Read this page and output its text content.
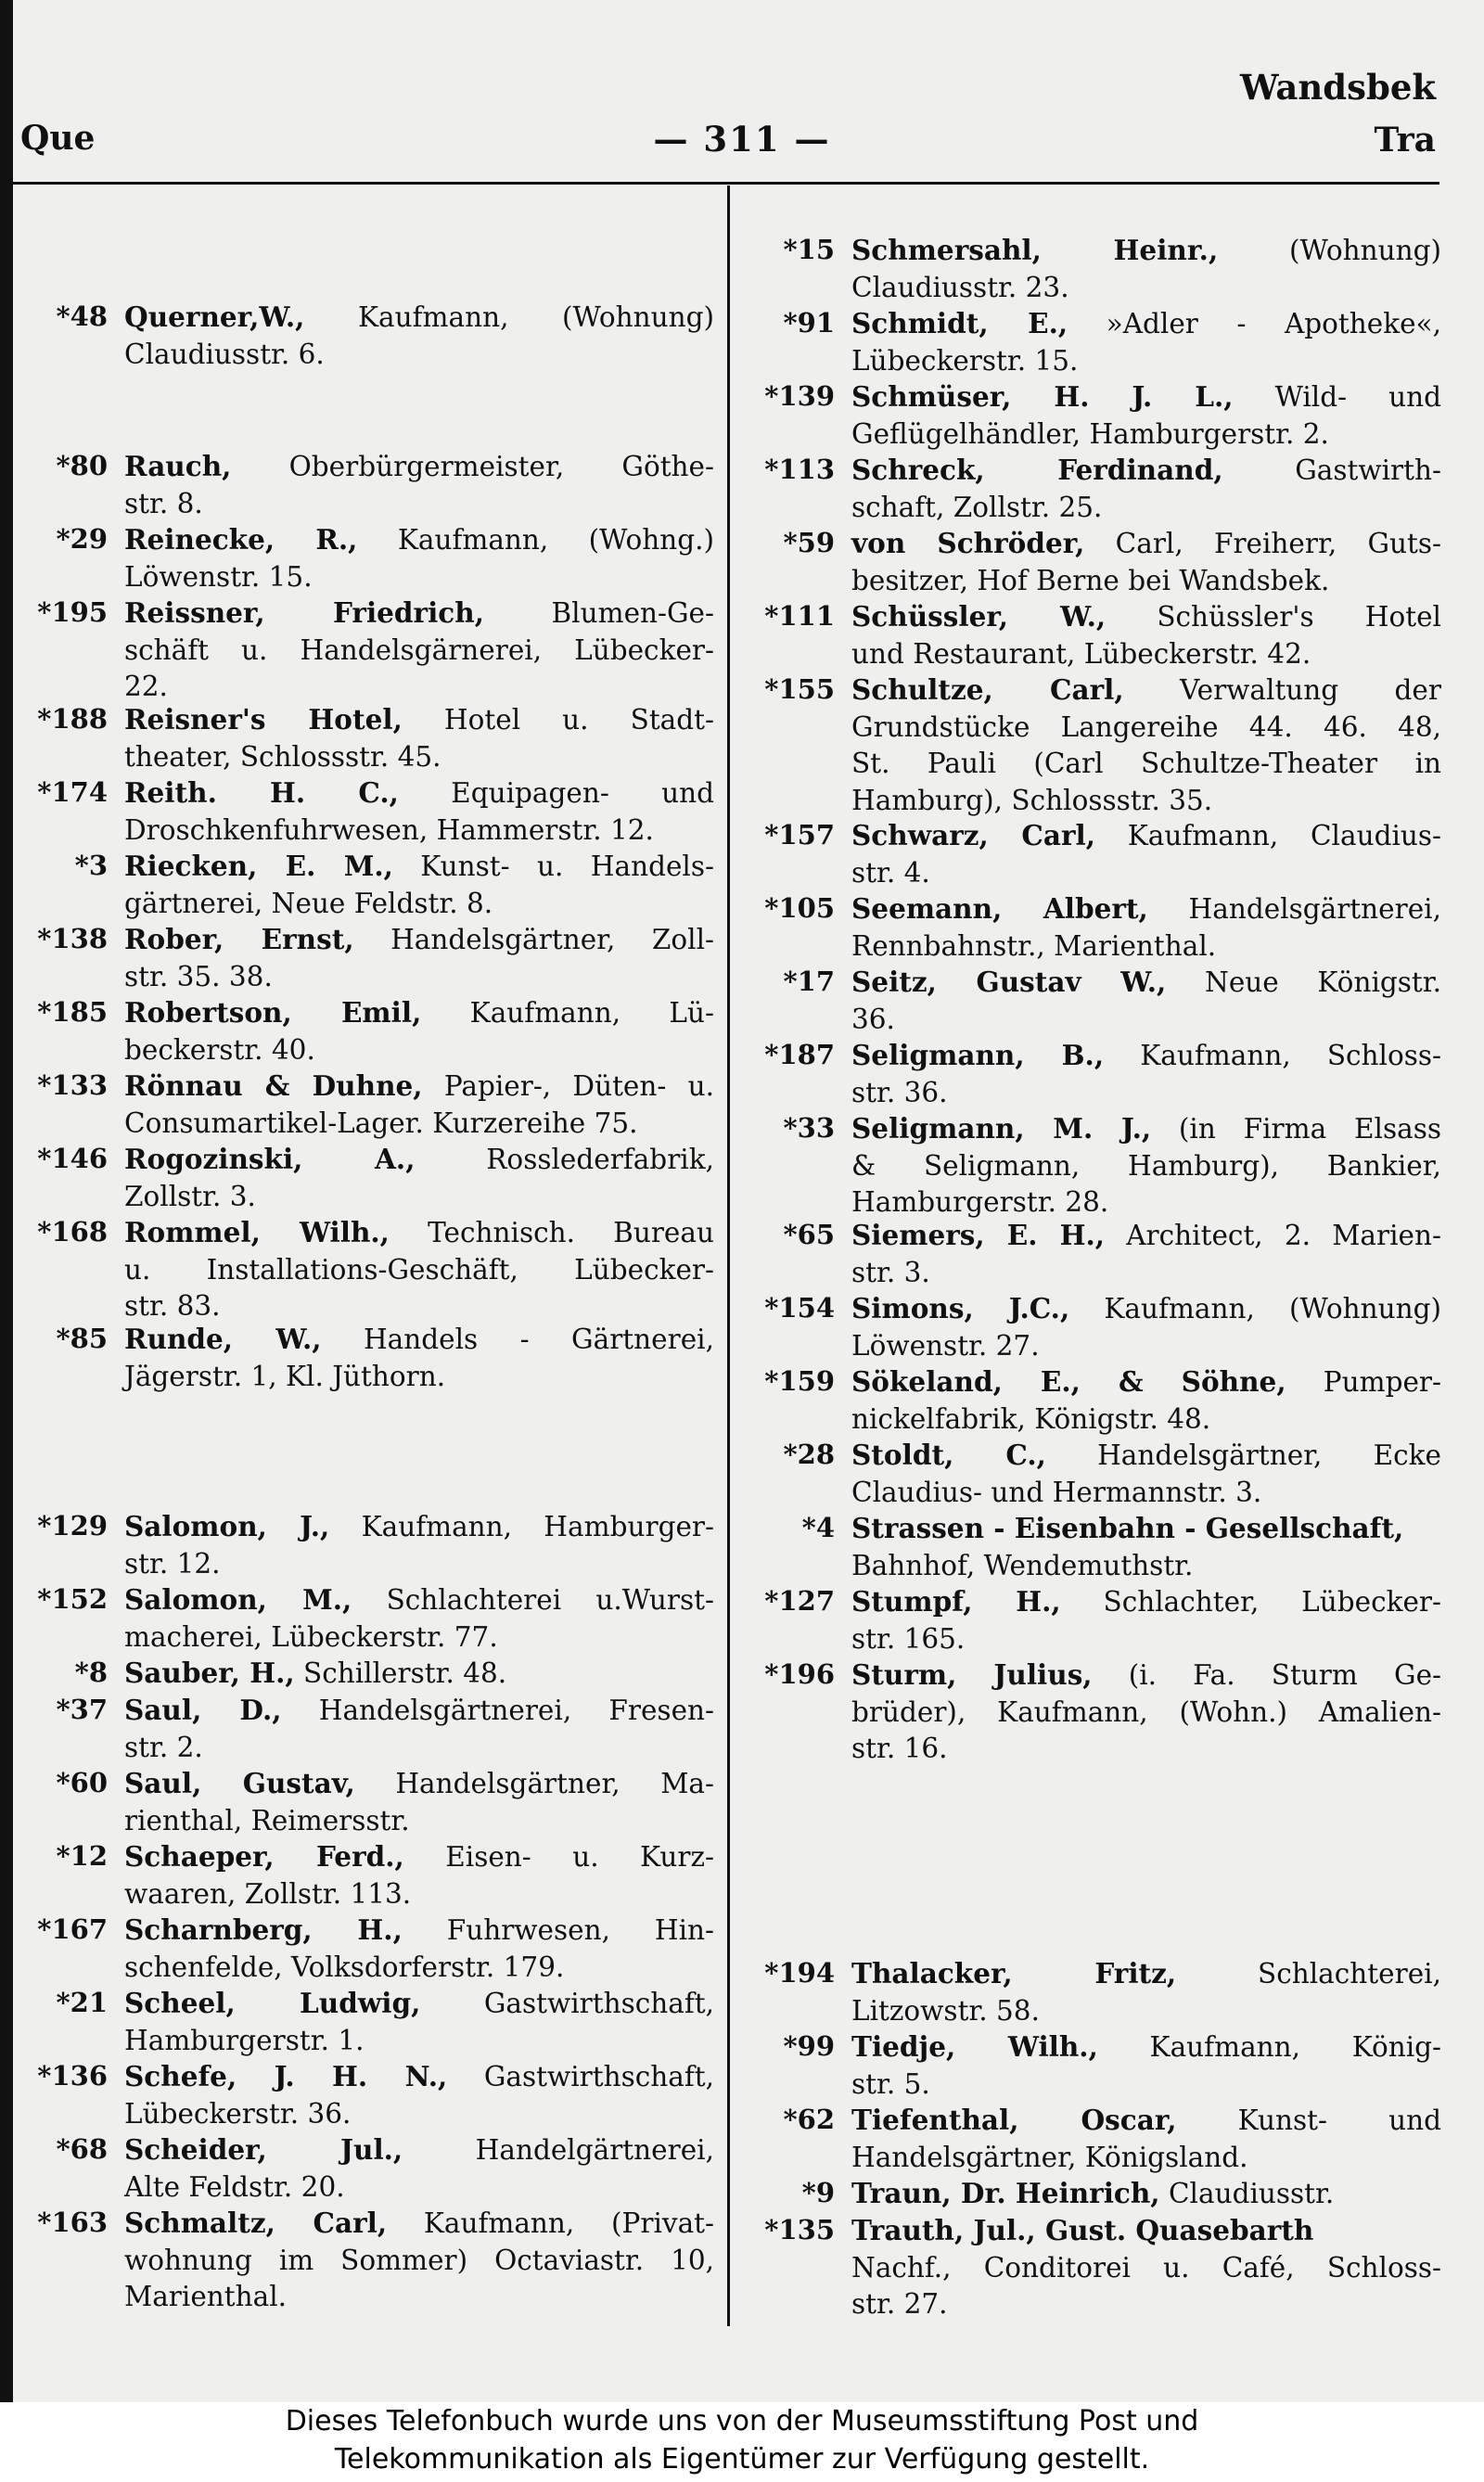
Wandsbek
Que	— 311 —	Tra
*48 Querner,W., Kaufmann, (Wohnung)
Claudiusstr. 6.
*80 Rauch, Oberbürgermeister, Göthe-
str. 8.
*29 Reinecke, R., Kaufmann, (Wohng.)
Löwenstr. 15.
*195 Reissner, Friedrich, Blumen-Ge-
schäft u. Handelsgärnerei, Lübecker-
22.
*188 Reisner's Hotel, Hotel u. Stadt-
theater, Schlossstr. 45.
*174 Reith. H. C., Equipagen- und
Droschkenfuhrwesen, Hammerstr. 12.
*3 Riecken, E. M., Kunst- u. Handels-
gärtnerei, Neue Feldstr. 8.
*138 Rober, Ernst, Handelsgärtner, Zoll-
str. 35. 38.
*185 Robertson, Emil, Kaufmann, Lü-
beckerstr. 40.
*133 Rönnau & Duhne, Papier-, Düten- u.
Consumartikel-Lager. Kurzereihe 75.
*146 Rogozinski, A.,	Rosslederfabrik,
Zollstr. 3.
*168 Rommel, Wilh., Technisch. Bureau
u. Installations-Geschäft, Lübecker-
str. 83.
*85 Runde, W., Handels - Gärtnerei,
Jägerstr. 1, Kl. Jüthorn.
*129 Salomon, J., Kaufmann, Hamburger-
str. 12.
*152 Salomon, M., Schlachterei u.Wurst-
macherei, Lübeckerstr. 77.
*8 Sauber, H., Schillerstr. 48.
*37 Saul, D., Handelsgärtnerei, Fresen-
str. 2.
*60 Saul, Gustav, Handelsgärtner, Ma-
rienthal, Reimersstr.
*12 Schaeper, Ferd., Eisen- u. Kurz-
waaren, Zollstr. 113.
*167 Scharnberg, H., Fuhrwesen, Hin-
schenfelde, Volksdorferstr. 179.
*21 Scheel, Ludwig, Gastwirthschaft,
Hamburgerstr. 1.
*136 Schefe, J. H. N., Gastwirthschaft,
Lübeckerstr. 36.
*68 Scheider, Jul.,	Handelgärtnerei,
Alte Feldstr. 20.
*163 Schmaltz, Carl, Kaufmann, (Privat-
wohnung im Sommer) Octaviastr. 10,
Marienthal.
*15 Schmersahl, Heinr.,	(Wohnung)
Claudiusstr. 23.
*91 Schmidt, E., »Adler - Apotheke«,
Lübeckerstr. 15.
*139 Schmüser, H. J. L., Wild- und
Geflügelhändler, Hamburgerstr. 2.
*113 Schreck, Ferdinand,	Gastwirth-
schaft, Zollstr. 25.
*59 von Schröder, Carl, Freiherr, Guts-
besitzer, Hof Berne bei Wandsbek.
*111 Schüssler, W., Schüssler's Hotel
und Restaurant, Lübeckerstr. 42.
*155 Schultze, Carl, Verwaltung der
Grundstücke Langereihe 44. 46. 48,
St. Pauli (Carl Schultze-Theater in
Hamburg), Schlossstr. 35.
*157 Schwarz, Carl, Kaufmann, Claudius-
str. 4.
*105 Seemann, Albert, Handelsgärtnerei,
Rennbahnstr., Marienthal.
*17 Seitz, Gustav W., Neue Königstr.
36.
*187 Seligmann, B., Kaufmann, Schloss-
str. 36.
*33 Seligmann, M. J., (in Firma Elsass
& Seligmann, Hamburg), Bankier,
Hamburgerstr. 28.
*65 Siemers, E. H., Architect, 2. Marien-
str. 3.
*154 Simons, J.C., Kaufmann, (Wohnung)
Löwenstr. 27.
*159 Sökeland, E., & Söhne, Pumper-
nickelfabrik, Königstr. 48.
*28 Stoldt, C., Handelsgärtner, Ecke
Claudius- und Hermannstr. 3.
*4 Strassen - Eisenbahn - Gesellschaft,
Bahnhof, Wendemuthstr.
*127 Stumpf, H., Schlachter, Lübecker-
str. 165.
*196 Sturm, Julius, (i. Fa. Sturm Ge-
brüder), Kaufmann, (Wohn.) Amalien-
str. 16.
*194 Thalacker, Fritz,	Schlachterei,
Litzowstr. 58.
*99 Tiedje, Wilh., Kaufmann, König-
str. 5.
*62 Tiefenthal, Oscar, Kunst- und
Handelsgärtner, Königsland.
*9 Traun, Dr. Heinrich, Claudiusstr.
*135 Trauth, Jul., Gust. Quasebarth
Nachf., Conditorei u. Café, Schloss-
str. 27.
Dieses Telefonbuch wurde uns von der Museumsstiftung Post und
Telekommunikation als Eigentümer zur Verfügung gestellt.
